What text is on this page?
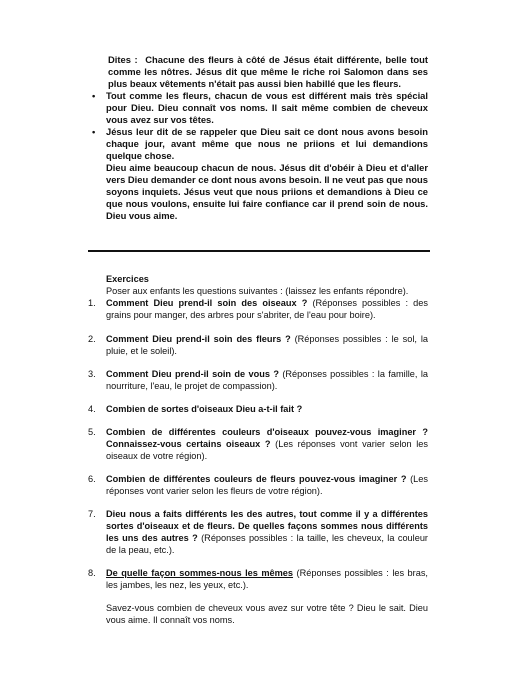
Dites : Chacune des fleurs à côté de Jésus était différente, belle tout comme les nôtres. Jésus dit que même le riche roi Salomon dans ses plus beaux vêtements n'était pas aussi bien habillé que les fleurs.
• Tout comme les fleurs, chacun de vous est différent mais très spécial pour Dieu. Dieu connaît vos noms. Il sait même combien de cheveux vous avez sur vos têtes.
• Jésus leur dit de se rappeler que Dieu sait ce dont nous avons besoin chaque jour, avant même que nous ne priions et lui demandions quelque chose.
Dieu aime beaucoup chacun de nous. Jésus dit d'obéir à Dieu et d'aller vers Dieu demander ce dont nous avons besoin. Il ne veut pas que nous soyons inquiets. Jésus veut que nous priions et demandions à Dieu ce que nous voulons, ensuite lui faire confiance car il prend soin de nous. Dieu vous aime.
Exercices
Poser aux enfants les questions suivantes : (laissez les enfants répondre).
1. Comment Dieu prend-il soin des oiseaux ? (Réponses possibles : des grains pour manger, des arbres pour s'abriter, de l'eau pour boire).
2. Comment Dieu prend-il soin des fleurs ? (Réponses possibles : le sol, la pluie, et le soleil).
3. Comment Dieu prend-il soin de vous ? (Réponses possibles : la famille, la nourriture, l'eau, le projet de compassion).
4. Combien de sortes d'oiseaux Dieu a-t-il fait ?
5. Combien de différentes couleurs d'oiseaux pouvez-vous imaginer ? Connaissez-vous certains oiseaux ? (Les réponses vont varier selon les oiseaux de votre région).
6. Combien de différentes couleurs de fleurs pouvez-vous imaginer ? (Les réponses vont varier selon les fleurs de votre région).
7. Dieu nous a faits différents les des autres, tout comme il y a différentes sortes d'oiseaux et de fleurs. De quelles façons sommes nous différents les uns des autres ? (Réponses possibles : la taille, les cheveux, la couleur de la peau, etc.).
8. De quelle façon sommes-nous les mêmes (Réponses possibles : les bras, les jambes, les nez, les yeux, etc.).
Savez-vous combien de cheveux vous avez sur votre tête ? Dieu le sait. Dieu vous aime. Il connaît vos noms.
